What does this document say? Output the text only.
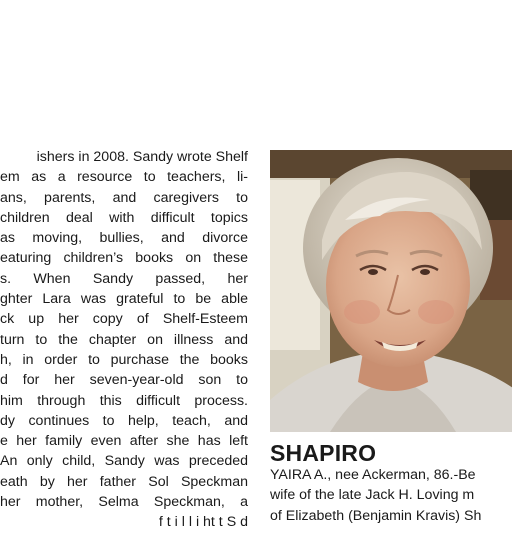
ishers in 2008. Sandy wrote Shelf
em as a resource to teachers, li-
ans, parents, and caregivers to
children deal with difficult topics
as moving, bullies, and divorce
eaturing children’s books on these
s. When Sandy passed, her
ghter Lara was grateful to be able
ck up her copy of Shelf-Esteem
turn to the chapter on illness and
h, in order to purchase the books
d for her seven-year-old son to
him through this difficult process.
dy continues to help, teach, and
e her family even after she has left
An only child, Sandy was preceded
eath by her father Sol Speckman
her mother, Selma Speckman, a
f t i l l i ht t S d
SHAPIRO
YAIRA A., nee Ackerman, 86.-Be
wife of the late Jack H. Loving m
of Elizabeth (Benjamin Kravis) Sh
